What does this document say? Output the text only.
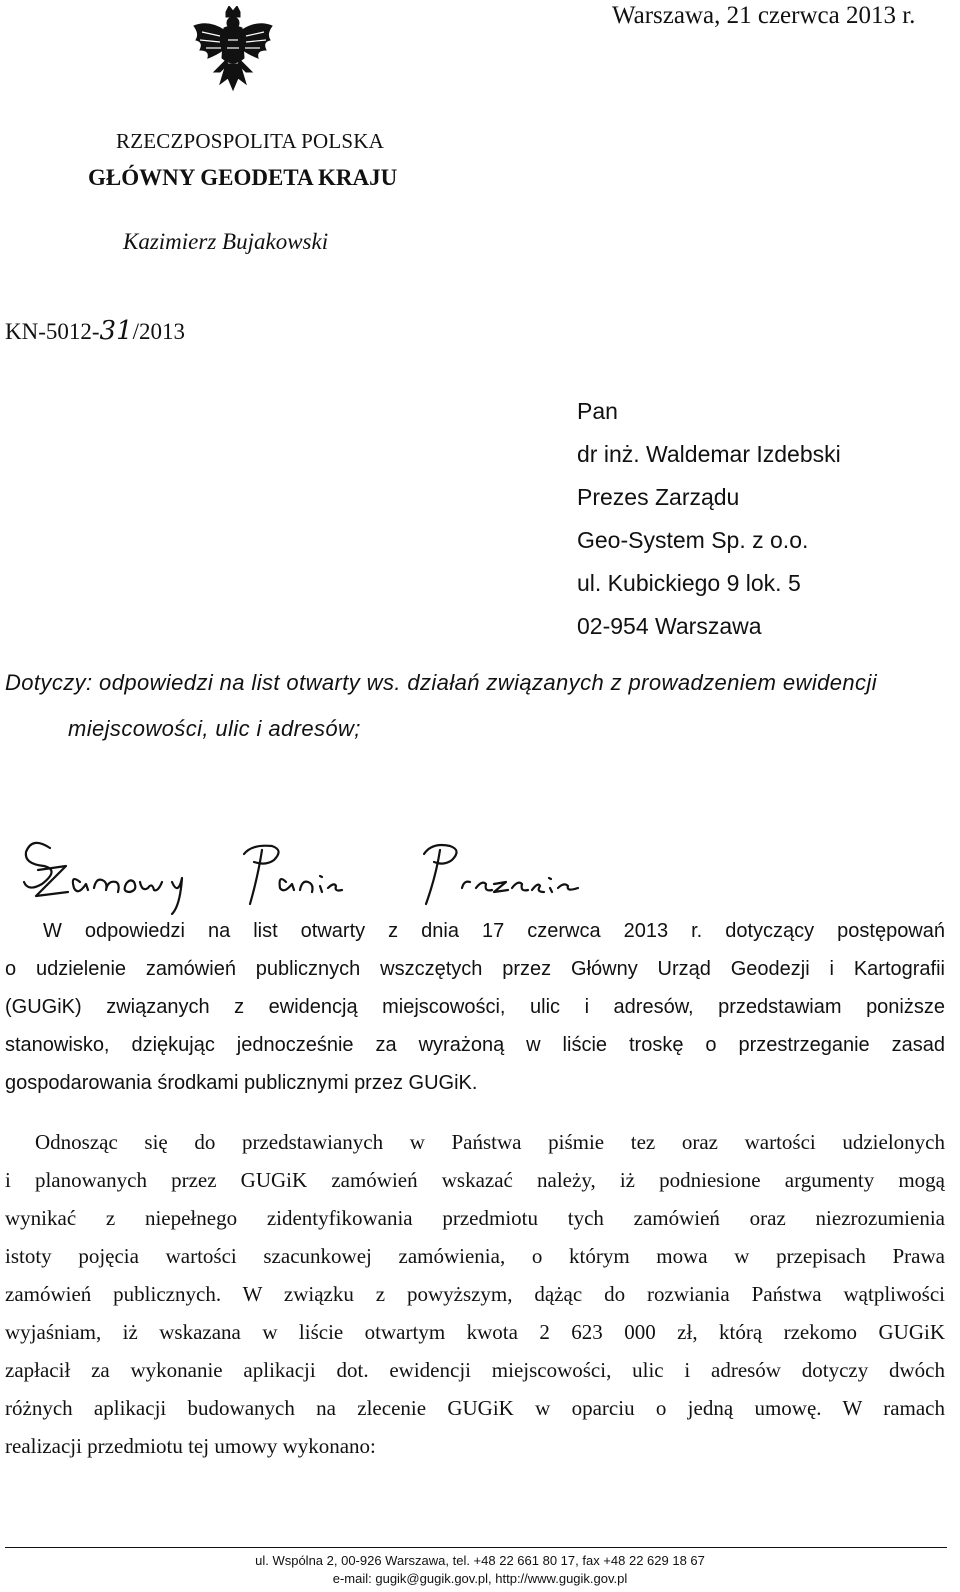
Warszawa, 21 czerwca 2013 r.
RZECZPOSPOLITA POLSKA
GŁÓWNY GEODETA KRAJU
Kazimierz Bujakowski
KN-5012-31/2013
Pan
dr inż. Waldemar Izdebski
Prezes Zarządu
Geo-System Sp. z o.o.
ul. Kubickiego 9 lok. 5
02-954 Warszawa
Dotyczy: odpowiedzi na list otwarty ws. działań związanych z prowadzeniem ewidencji
miejscowości, ulic i adresów;
W odpowiedzi na list otwarty z dnia 17 czerwca 2013 r. dotyczący postępowań
o udzielenie zamówień publicznych wszczętych przez Główny Urząd Geodezji i Kartografii
(GUGiK) związanych z ewidencją miejscowości, ulic i adresów, przedstawiam poniższe
stanowisko, dziękując jednocześnie za wyrażoną w liście troskę o przestrzeganie zasad
gospodarowania środkami publicznymi przez GUGiK.
Odnosząc się do przedstawianych w Państwa piśmie tez oraz wartości udzielonych
i planowanych przez GUGiK zamówień wskazać należy, iż podniesione argumenty mogą
wynikać z niepełnego zidentyfikowania przedmiotu tych zamówień oraz niezrozumienia
istoty pojęcia wartości szacunkowej zamówienia, o którym mowa w przepisach Prawa
zamówień publicznych. W związku z powyższym, dążąc do rozwiania Państwa wątpliwości
wyjaśniam, iż wskazana w liście otwartym kwota 2 623 000 zł, którą rzekomo GUGiK
zapłacił za wykonanie aplikacji dot. ewidencji miejscowości, ulic i adresów dotyczy dwóch
różnych aplikacji budowanych na zlecenie GUGiK w oparciu o jedną umowę. W ramach
realizacji przedmiotu tej umowy wykonano:
ul. Wspólna 2, 00-926 Warszawa, tel. +48 22 661 80 17, fax +48 22 629 18 67
e-mail: gugik@gugik.gov.pl, http://www.gugik.gov.pl
